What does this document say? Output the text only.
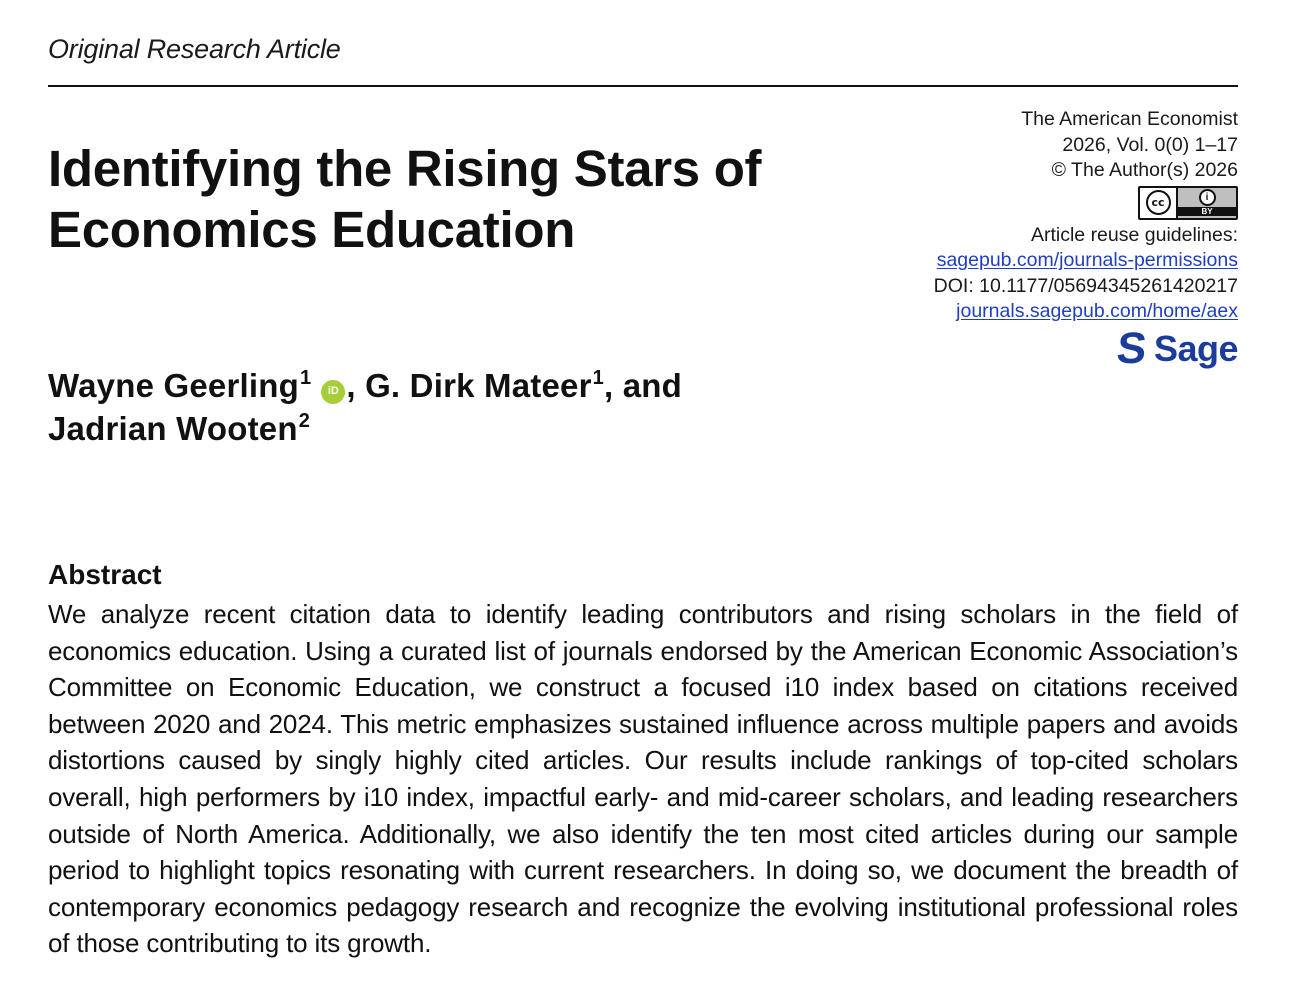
Original Research Article
Identifying the Rising Stars of Economics Education
The American Economist
2026, Vol. 0(0) 1–17
© The Author(s) 2026
cc	i
BY
Article reuse guidelines:
sagepub.com/journals-permissions
DOI: 10.1177/05694345261420217
journals.sagepub.com/home/aex
S Sage
Wayne Geerling$^1$iD , G. Dirk Mateer$^1$, and
Jadrian Wooten$^2$
Abstract
We analyze recent citation data to identify leading contributors and rising scholars in the field of economics education. Using a curated list of journals endorsed by the American Economic Association’s Committee on Economic Education, we construct a focused i10 index based on citations received between 2020 and 2024. This metric emphasizes sustained influence across multiple papers and avoids distortions caused by singly highly cited articles. Our results include rankings of top-cited scholars overall, high performers by i10 index, impactful early- and mid-career scholars, and leading researchers outside of North America. Additionally, we also identify the ten most cited articles during our sample period to highlight topics resonating with current researchers. In doing so, we document the breadth of contemporary economics pedagogy research and recognize the evolving institutional professional roles of those contributing to its growth.
